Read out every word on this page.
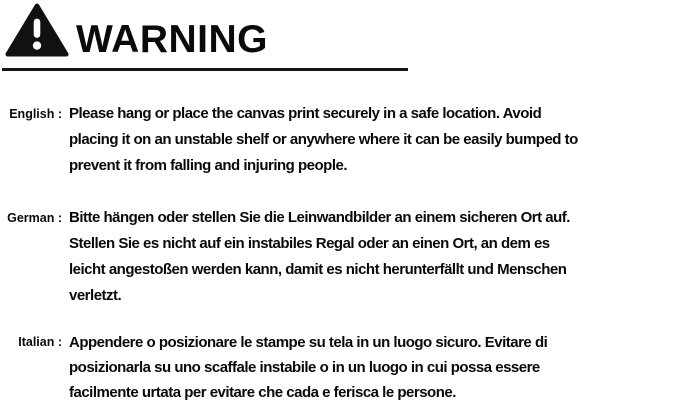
WARNING
English : Please hang or place the canvas print securely in a safe location. Avoid
placing it on an unstable shelf or anywhere where it can be easily bumped to
prevent it from falling and injuring people.
German : Bitte hängen oder stellen Sie die Leinwandbilder an einem sicheren Ort auf.
Stellen Sie es nicht auf ein instabiles Regal oder an einen Ort, an dem es
leicht angestoßen werden kann, damit es nicht herunterfällt und Menschen
verletzt.
Italian : Appendere o posizionare le stampe su tela in un luogo sicuro. Evitare di
posizionarla su uno scaffale instabile o in un luogo in cui possa essere
facilmente urtata per evitare che cada e ferisca le persone.
